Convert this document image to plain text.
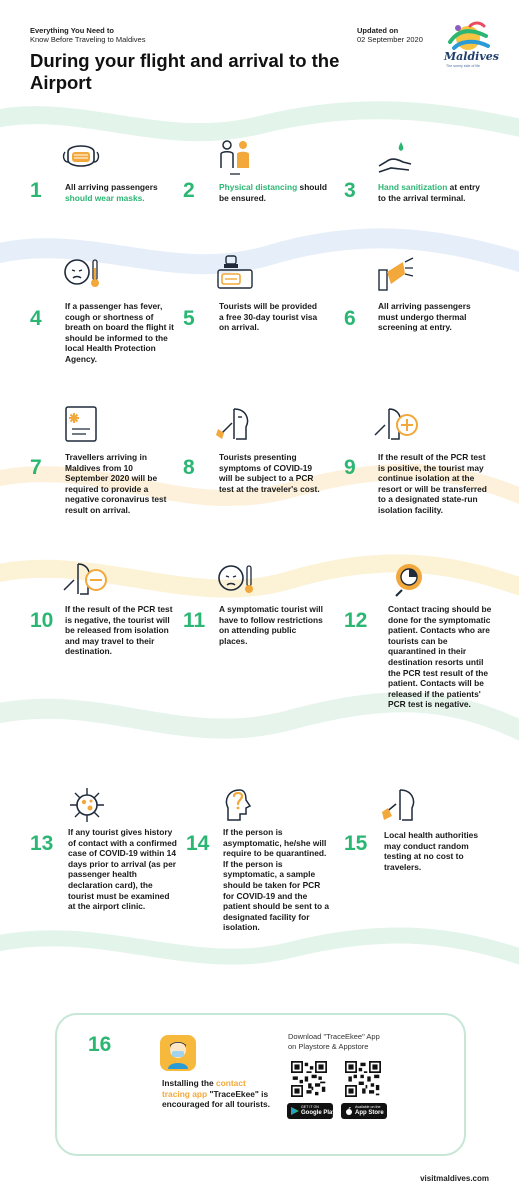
Everything You Need to
Know Before Traveling to Maldives
During your flight and arrival to the Airport
Updated on
02 September 2020
Maldives
The sunny side of life
1	All arriving passengers should wear masks.	2	Physical distancing should be ensured.	3	Hand sanitization at entry to the arrival terminal.
4
If a passenger has fever, cough or shortness of breath on board the flight it should be informed to the local Health Protection Agency.
5
Tourists will be provided a free 30-day tourist visa on arrival.	6
All arriving passengers must undergo thermal screening at entry.
7	Travellers arriving in Maldives from 10 September 2020 will be required to provide a negative coronavirus test result on arrival.
8	Tourists presenting symptoms of COVID-19 will be subject to a PCR test at the traveler's cost.
9	If the result of the PCR test is positive, the tourist may continue isolation at the resort or will be transferred to a designated state-run isolation facility.
10 If the result of the PCR test is negative, the tourist will be released from isolation and may travel to their destination.
11 A symptomatic tourist will have to follow restrictions on attending public places.
12 Contact tracing should be done for the symptomatic patient. Contacts who are tourists can be quarantined in their destination resorts until the PCR test result of the patient. Contacts will be released if the patients' PCR test is negative.
13 If any tourist gives history of contact with a confirmed case of COVID-19 within 14 days prior to arrival (as per passenger health declaration card), the tourist must be examined at the airport clinic.
14 If the person is asymptomatic, he/she will require to be quarantined. If the person is symptomatic, a sample should be taken for PCR for COVID-19 and the patient should be sent to a designated facility for isolation.
15 Local health authorities may conduct random testing at no cost to travelers.
16
Installing the contact tracing app "TraceEkee" is encouraged for all tourists.
Download "TraceEkee" App
on Playstore & Appstore
GET IT ON
Google Play
Available on the
App Store
visitmaldives.com
